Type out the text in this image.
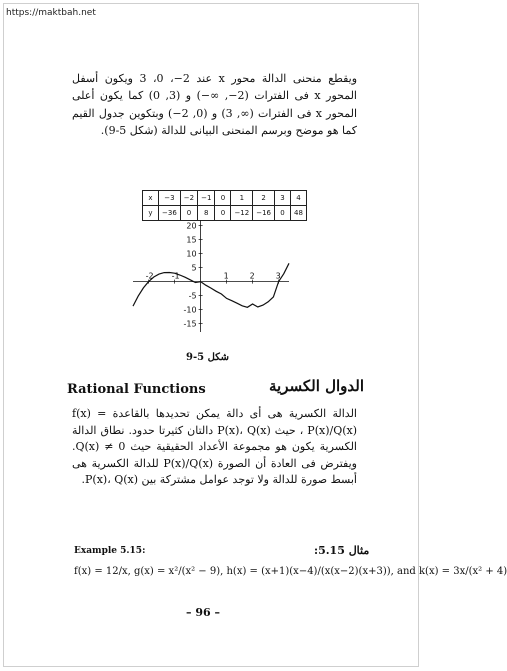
https://maktbah.net
ويقطع منحنى الدالة محور x عند 2−، 0، 3 ويكون أسفل المحور x فى الفترات (2−, ∞−) و (3, 0) كما يكون أعلى المحور x فى الفترات (∞, 3) و (0, 2−) وبتكوين جدول القيم كما هو موضح وبرسم المنحنى البيانى للدالة (شكل 5-9).
x	−3	−2	−1	0	1	2	3	4
y	−36	0	8	0	−12	−16	0	48
-2 -1	1	2	3
20
15
10
5
-5
-10
-15
شكل 5-9
Rational Functions	الدوال الكسرية
الدالة الكسرية هى أى دالة يمكن تحديدها بالقاعدة f(x) = P(x)/Q(x) ، حيث P(x)، Q(x) دالتان كثيرتا حدود. نطاق الدالة الكسرية يكون هو مجموعة الأعداد الحقيقية حيث Q(x) ≠ 0. ويفترض فى العادة أن الصورة P(x)/Q(x) للدالة الكسرية هى أبسط صورة للدالة ولا توجد عوامل مشتركة بين P(x)، Q(x).
Example 5.15:	مثال 5.15:
f(x) = 12/x, g(x) = x²/(x² − 9), h(x) = (x+1)(x−4)/(x(x−2)(x+3)), and k(x) = 3x/(x² + 4)
– 96 –
